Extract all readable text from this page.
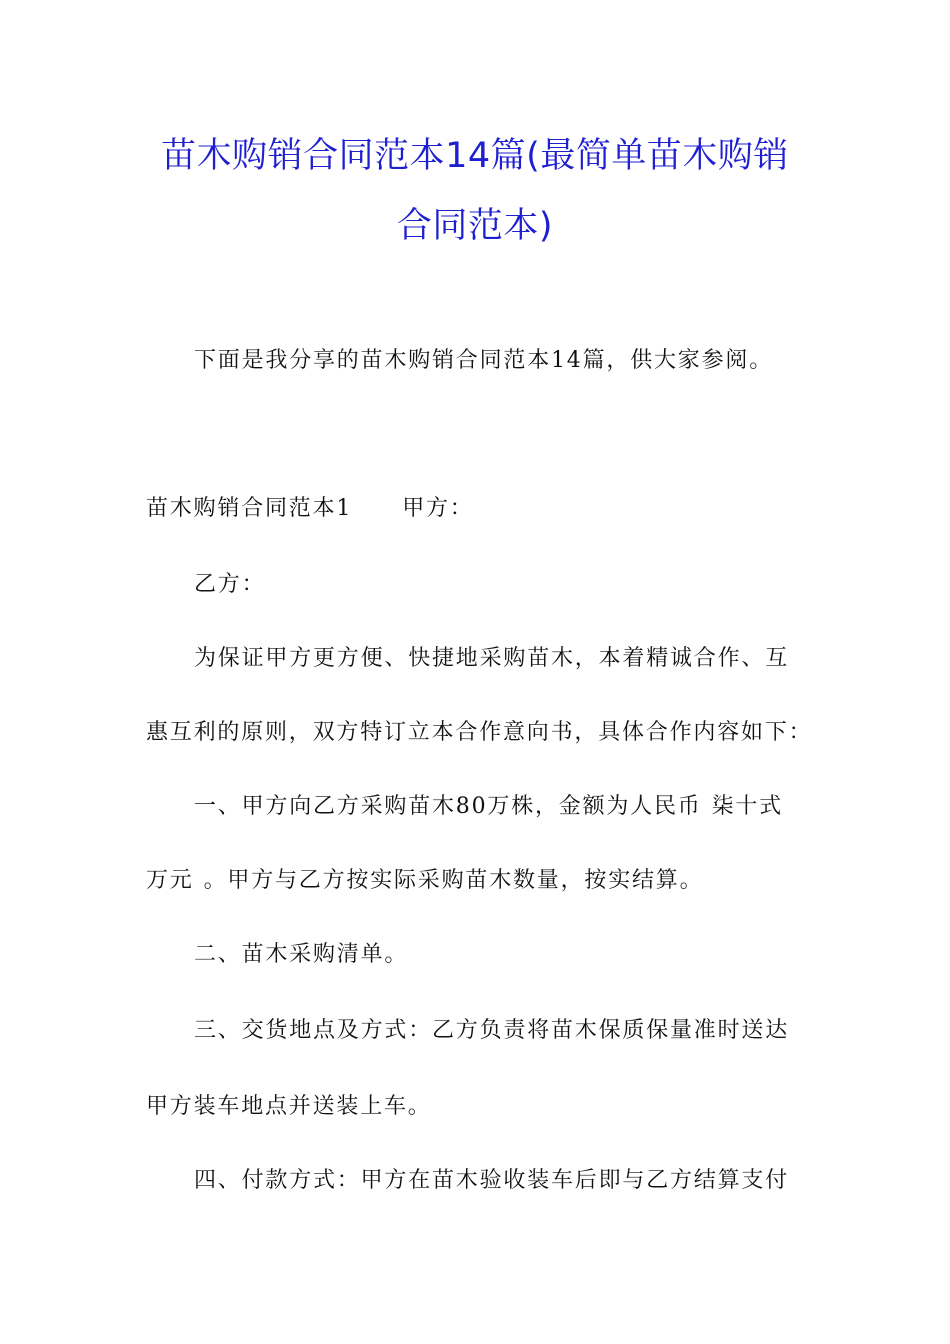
苗木购销合同范本14篇(最简单苗木购销
合同范本)
下面是我分享的苗木购销合同范本14篇，供大家参阅。
苗木购销合同范本1 甲方：
乙方：
为保证甲方更方便、快捷地采购苗木，本着精诚合作、互
惠互利的原则，双方特订立本合作意向书，具体合作内容如下：
一、甲方向乙方采购苗木80万株，金额为人民币 柒十式
万元 。甲方与乙方按实际采购苗木数量，按实结算。
二、苗木采购清单。
三、交货地点及方式：乙方负责将苗木保质保量准时送达
甲方装车地点并送装上车。
四、付款方式：甲方在苗木验收装车后即与乙方结算支付
